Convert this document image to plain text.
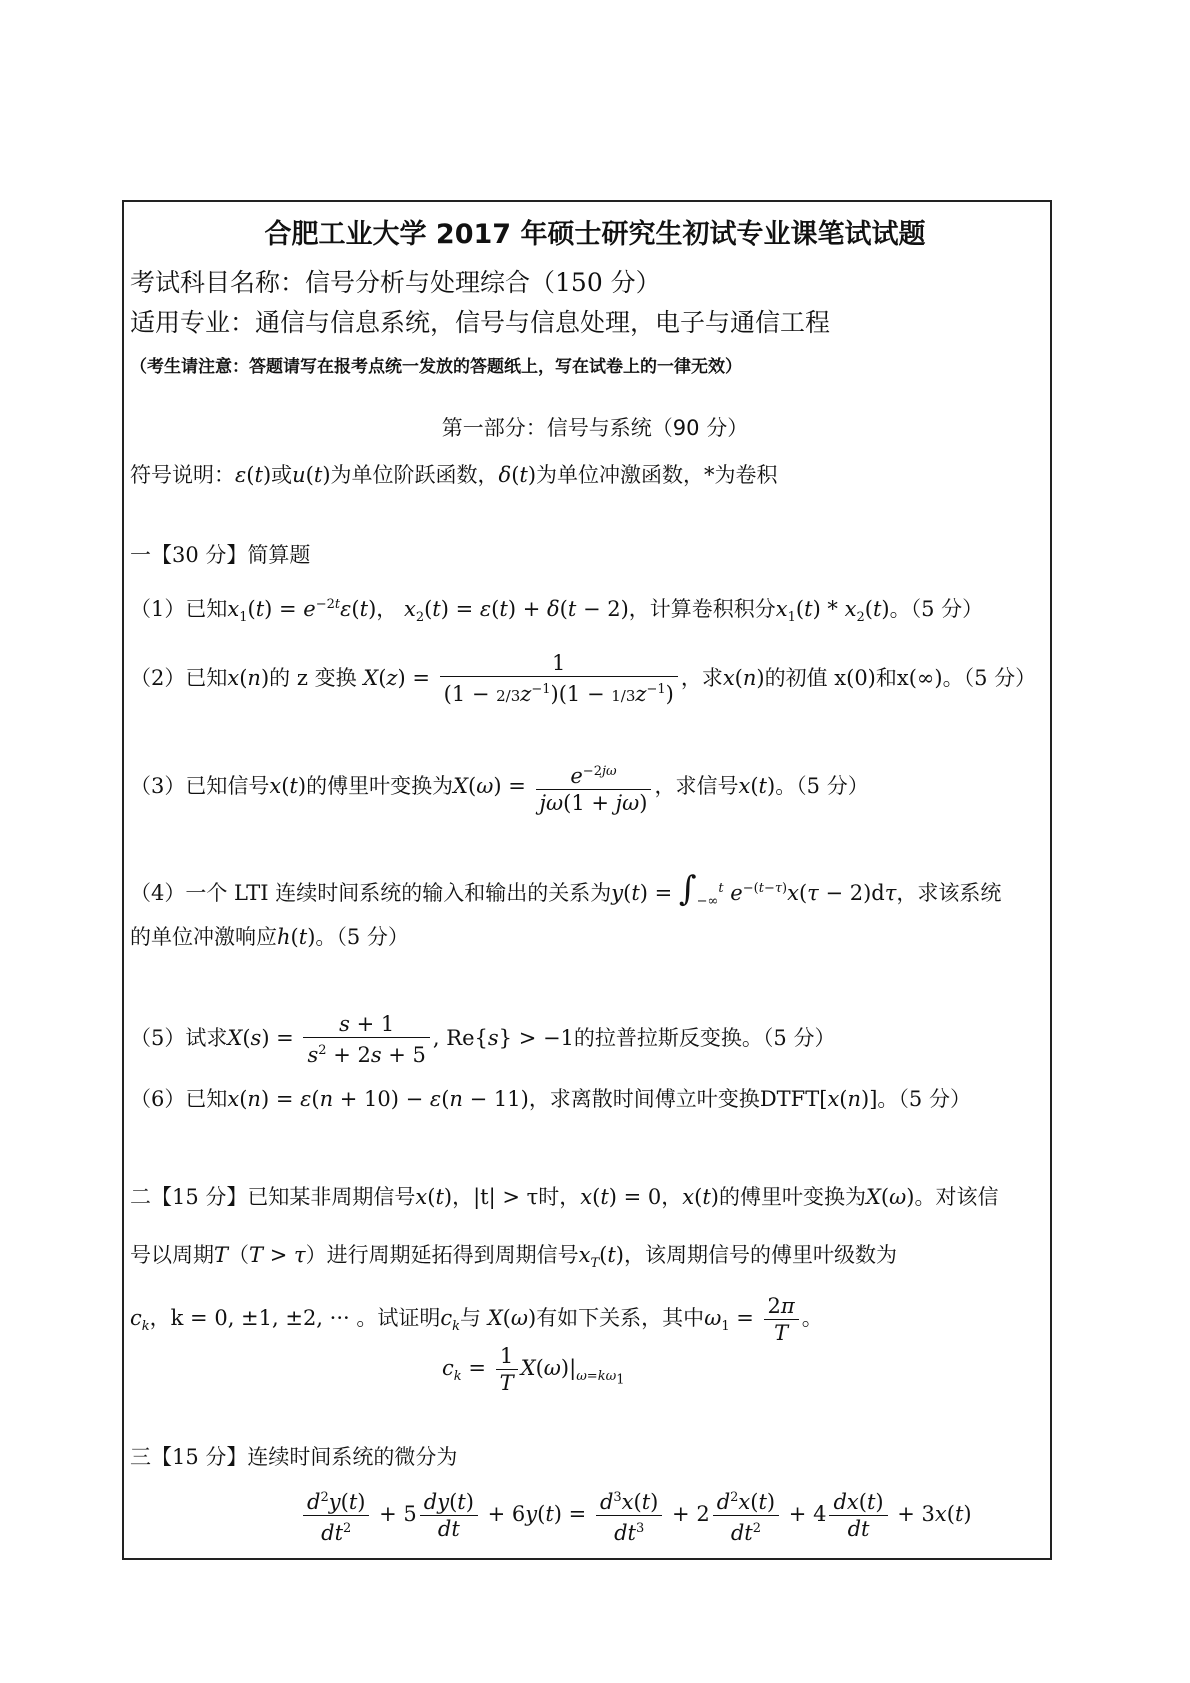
合肥工业大学 2017 年硕士研究生初试专业课笔试试题
考试科目名称：信号分析与处理综合（150 分）
适用专业：通信与信息系统，信号与信息处理，电子与通信工程
（考生请注意：答题请写在报考点统一发放的答题纸上，写在试卷上的一律无效）
第一部分：信号与系统（90 分）
符号说明：ε(t)或u(t)为单位阶跃函数，δ(t)为单位冲激函数，*为卷积
一【30 分】简算题
（1）已知$x_1(t) = e^{-2t}\varepsilon(t)$， $x_2(t) = \varepsilon(t) + \delta(t - 2)$，计算卷积积分$x_1(t) * x_2(t)$。（5 分）
（2）已知x(n)的 z 变换 $X(z) = \frac{1}{(1 - 2/3z^{-1})(1 - 1/3z^{-1})}$ ，求x(n)的初值 x(0)和x(∞)。（5 分）
（3）已知信号x(t)的傅里叶变换为$X(\omega) = \frac{e^{-2j\omega}}{j\omega(1 + j\omega)}$ ，求信号x(t)。（5 分）
（4）一个 LTI 连续时间系统的输入和输出的关系为$y(t) = \int_{-\infty}^t$ $e^{-(t-\tau)}x(\tau - 2)d\tau$，求该系统
的单位冲激响应h(t)。（5 分）
（5）试求$X(s) = \frac{s + 1}{s^2 + 2s + 5}$ , Re{s} > −1的拉普拉斯反变换。（5 分）
（6）已知x(n) = ε(n + 10) − ε(n − 11)，求离散时间傅立叶变换DTFT[x(n)]。（5 分）
二【15 分】已知某非周期信号x(t)，|t| > τ时，x(t) = 0，x(t)的傅里叶变换为X(ω)。对该信
号以周期T（T > τ）进行周期延拓得到周期信号$x_T(t)$，该周期信号的傅里叶级数为
$c_k$，k = 0, ±1, ±2, ··· 。试证明$c_k$与 X(ω)有如下关系，其中$\omega_1 = \frac{2\pi}{T}$ 。
$c_k = \frac{1}{T} X(\omega)|_{\omega=k\omega_1}$
三【15 分】连续时间系统的微分为
$\frac{d^2y(t)}{dt^2} + 5 \frac{dy(t)}{dt} + 6y(t) = \frac{d^3x(t)}{dt^3} + 2 \frac{d^2x(t)}{dt^2} + 4 \frac{dx(t)}{dt} + 3x(t)$
